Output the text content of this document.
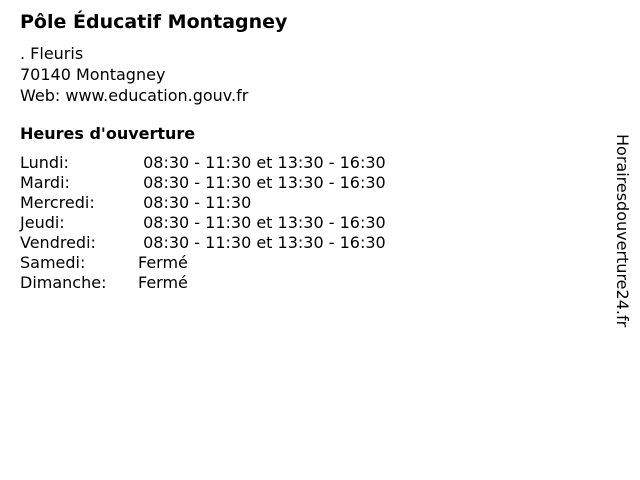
Pôle Éducatif Montagney
. Fleuris
70140 Montagney
Web: www.education.gouv.fr
Heures d'ouverture
Lundi:	08:30 - 11:30 et 13:30 - 16:30
Mardi:	08:30 - 11:30 et 13:30 - 16:30
Mercredi:	08:30 - 11:30
Jeudi:	08:30 - 11:30 et 13:30 - 16:30
Vendredi:	08:30 - 11:30 et 13:30 - 16:30
Samedi:	Fermé
Dimanche: Fermé	Horairesdouverture24.fr
